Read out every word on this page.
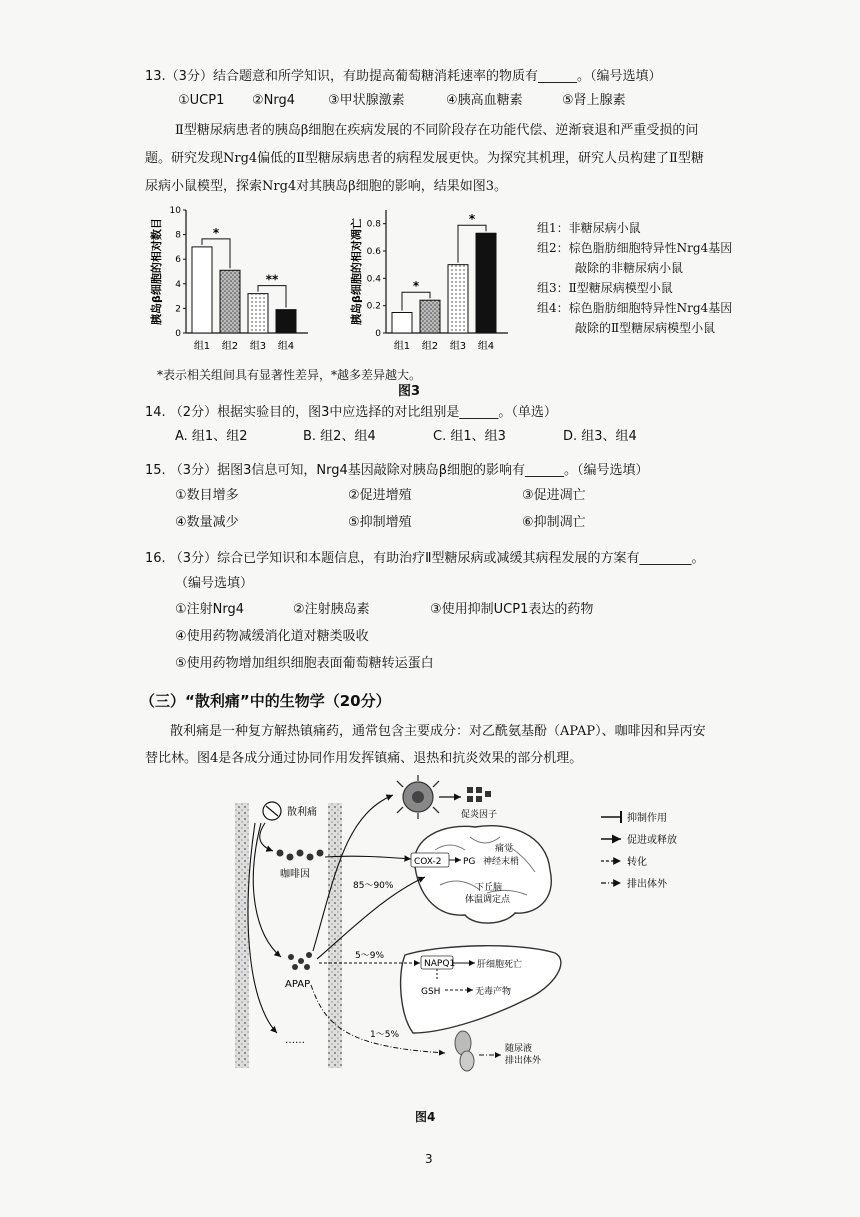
13.（3分）结合题意和所学知识，有助提高葡萄糖消耗速率的物质有______。（编号选填）
①UCP1 ②Nrg4	③甲状腺激素	④胰高血糖素	⑤肾上腺素
Ⅱ型糖尿病患者的胰岛β细胞在疾病发展的不同阶段存在功能代偿、逆渐衰退和严重受损的问
题。研究发现Nrg4偏低的Ⅱ型糖尿病患者的病程发展更快。为探究其机理，研究人员构建了Ⅱ型糖
尿病小鼠模型，探索Nrg4对其胰岛β细胞的影响，结果如图3。
胰岛β细胞的相对数目
0
2
4
6
8
10
组1 组2 组3 组4
*
**	胰岛β细胞的相对凋亡
0
0.2
0.4
0.6
0.8
组1 组2 组3 组4
*
*
组1：非糖尿病小鼠
组2：棕色脂肪细胞特异性Nrg4基因
敲除的非糖尿病小鼠
组3：Ⅱ型糖尿病模型小鼠
组4：棕色脂肪细胞特异性Nrg4基因
敲除的Ⅱ型糖尿病模型小鼠
*表示相关组间具有显著性差异，*越多差异越大。
图3
14. （2分）根据实验目的，图3中应选择的对比组别是______。（单选）
A. 组1、组2	B. 组2、组4	C. 组1、组3	D. 组3、组4
15. （3分）据图3信息可知，Nrg4基因敲除对胰岛β细胞的影响有______。（编号选填）
①数目增多	②促进增殖	③促进凋亡
④数量减少	⑤抑制增殖	⑥抑制凋亡
16. （3分）综合已学知识和本题信息，有助治疗Ⅱ型糖尿病或减缓其病程发展的方案有________。
（编号选填）
①注射Nrg4	②注射胰岛素	③使用抑制UCP1表达的药物
④使用药物减缓消化道对糖类吸收
⑤使用药物增加组织细胞表面葡萄糖转运蛋白
（三）“散利痛”中的生物学（20分）
散利痛是一种复方解热镇痛药，通常包含主要成分：对乙酰氨基酚（APAP）、咖啡因和异丙安
替比林。图4是各成分通过协同作用发挥镇痛、退热和抗炎效果的部分机理。
散利痛
咖啡因
APAP
……
促炎因子
COX-2 PG
痛觉
神经末梢
下丘脑
体温调定点
85～90%
5～9%
NAPQ1 肝细胞死亡
GSH	无毒产物
1～5%
随尿液
排出体外
抑制作用
促进或释放
转化
排出体外
图4
3
